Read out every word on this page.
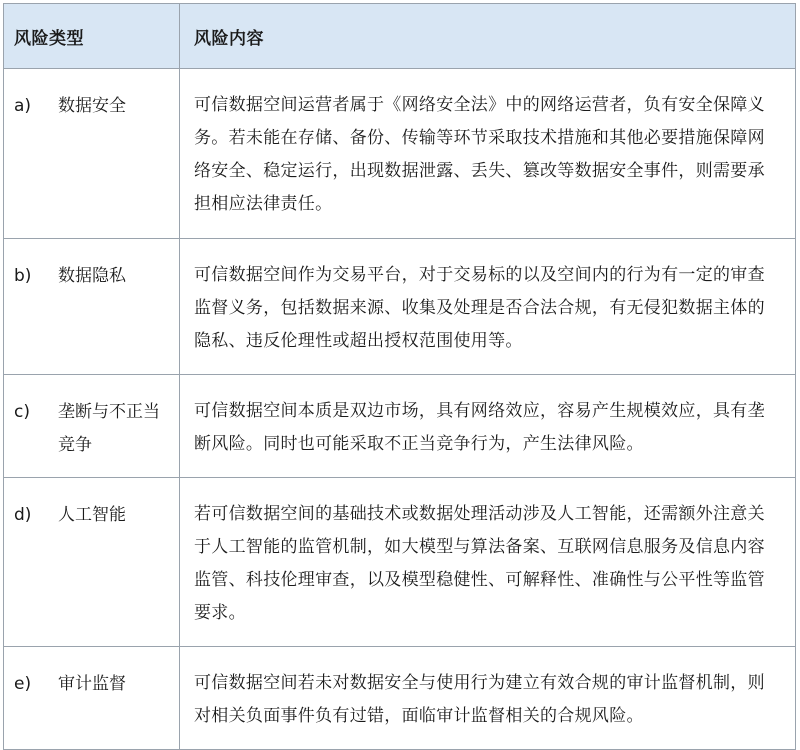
风险类型	风险内容

a) 数据安全	可信数据空间运营者属于《网络安全法》中的网络运营者，负有安全保障义务。若未能在存储、备份、传输等环节采取技术措施和其他必要措施保障网络安全、稳定运行，出现数据泄露、丢失、篡改等数据安全事件，则需要承担相应法律责任。

b) 数据隐私	可信数据空间作为交易平台，对于交易标的以及空间内的行为有一定的审查监督义务，包括数据来源、收集及处理是否合法合规，有无侵犯数据主体的隐私、违反伦理性或超出授权范围使用等。

c) 垄断与不正当竞争	可信数据空间本质是双边市场，具有网络效应，容易产生规模效应，具有垄断风险。同时也可能采取不正当竞争行为，产生法律风险。

d) 人工智能	若可信数据空间的基础技术或数据处理活动涉及人工智能，还需额外注意关于人工智能的监管机制，如大模型与算法备案、互联网信息服务及信息内容监管、科技伦理审查，以及模型稳健性、可解释性、准确性与公平性等监管要求。

e) 审计监督	可信数据空间若未对数据安全与使用行为建立有效合规的审计监督机制，则对相关负面事件负有过错，面临审计监督相关的合规风险。
